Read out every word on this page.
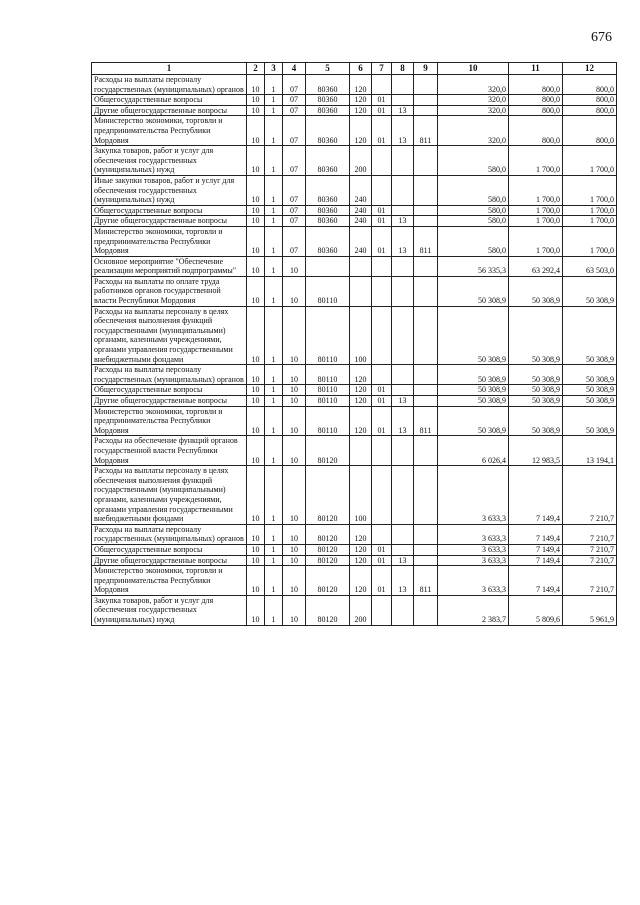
676
1	2	3	4	5	6	7	8	9	10	11	12
Расходы на выплаты персоналу государственных (муниципальных) органов	10	1	07	80360	120				320,0	800,0	800,0
Общегосударственные вопросы	10	1	07	80360	120	01			320,0	800,0	800,0
Другие общегосударственные вопросы	10	1	07	80360	120	01	13		320,0	800,0	800,0
Министерство экономики, торговли и предпринимательства Республики Мордовия	10	1	07	80360	120	01	13	811	320,0	800,0	800,0
Закупка товаров, работ и услуг для обеспечения государственных (муниципальных) нужд	10	1	07	80360	200				580,0	1 700,0	1 700,0
Иные закупки товаров, работ и услуг для обеспечения государственных (муниципальных) нужд	10	1	07	80360	240				580,0	1 700,0	1 700,0
Общегосударственные вопросы	10	1	07	80360	240	01			580,0	1 700,0	1 700,0
Другие общегосударственные вопросы	10	1	07	80360	240	01	13		580,0	1 700,0	1 700,0
Министерство экономики, торговли и предпринимательства Республики Мордовия	10	1	07	80360	240	01	13	811	580,0	1 700,0	1 700,0
Основное мероприятие "Обеспечение реализации мероприятий подпрограммы"	10	1	10						56 335,3	63 292,4	63 503,0
Расходы на выплаты по оплате труда работников органов государственной власти Республики Мордовия	10	1	10	80110					50 308,9	50 308,9	50 308,9
Расходы на выплаты персоналу в целях обеспечения выполнения функций государственными (муниципальными) органами, казенными учреждениями, органами управления государственными внебюджетными фондами	10	1	10	80110	100				50 308,9	50 308,9	50 308,9
Расходы на выплаты персоналу государственных (муниципальных) органов	10	1	10	80110	120				50 308,9	50 308,9	50 308,9
Общегосударственные вопросы	10	1	10	80110	120	01			50 308,9	50 308,9	50 308,9
Другие общегосударственные вопросы	10	1	10	80110	120	01	13		50 308,9	50 308,9	50 308,9
Министерство экономики, торговли и предпринимательства Республики Мордовия	10	1	10	80110	120	01	13	811	50 308,9	50 308,9	50 308,9
Расходы на обеспечение функций органов государственной власти Республики Мордовия	10	1	10	80120					6 026,4	12 983,5	13 194,1
Расходы на выплаты персоналу в целях обеспечения выполнения функций государственными (муниципальными) органами, казенными учреждениями, органами управления государственными внебюджетными фондами	10	1	10	80120	100				3 633,3	7 149,4	7 210,7
Расходы на выплаты персоналу государственных (муниципальных) органов	10	1	10	80120	120				3 633,3	7 149,4	7 210,7
Общегосударственные вопросы	10	1	10	80120	120	01			3 633,3	7 149,4	7 210,7
Другие общегосударственные вопросы	10	1	10	80120	120	01	13		3 633,3	7 149,4	7 210,7
Министерство экономики, торговли и предпринимательства Республики Мордовия	10	1	10	80120	120	01	13	811	3 633,3	7 149,4	7 210,7
Закупка товаров, работ и услуг для обеспечения государственных (муниципальных) нужд	10	1	10	80120	200				2 383,7	5 809,6	5 961,9
